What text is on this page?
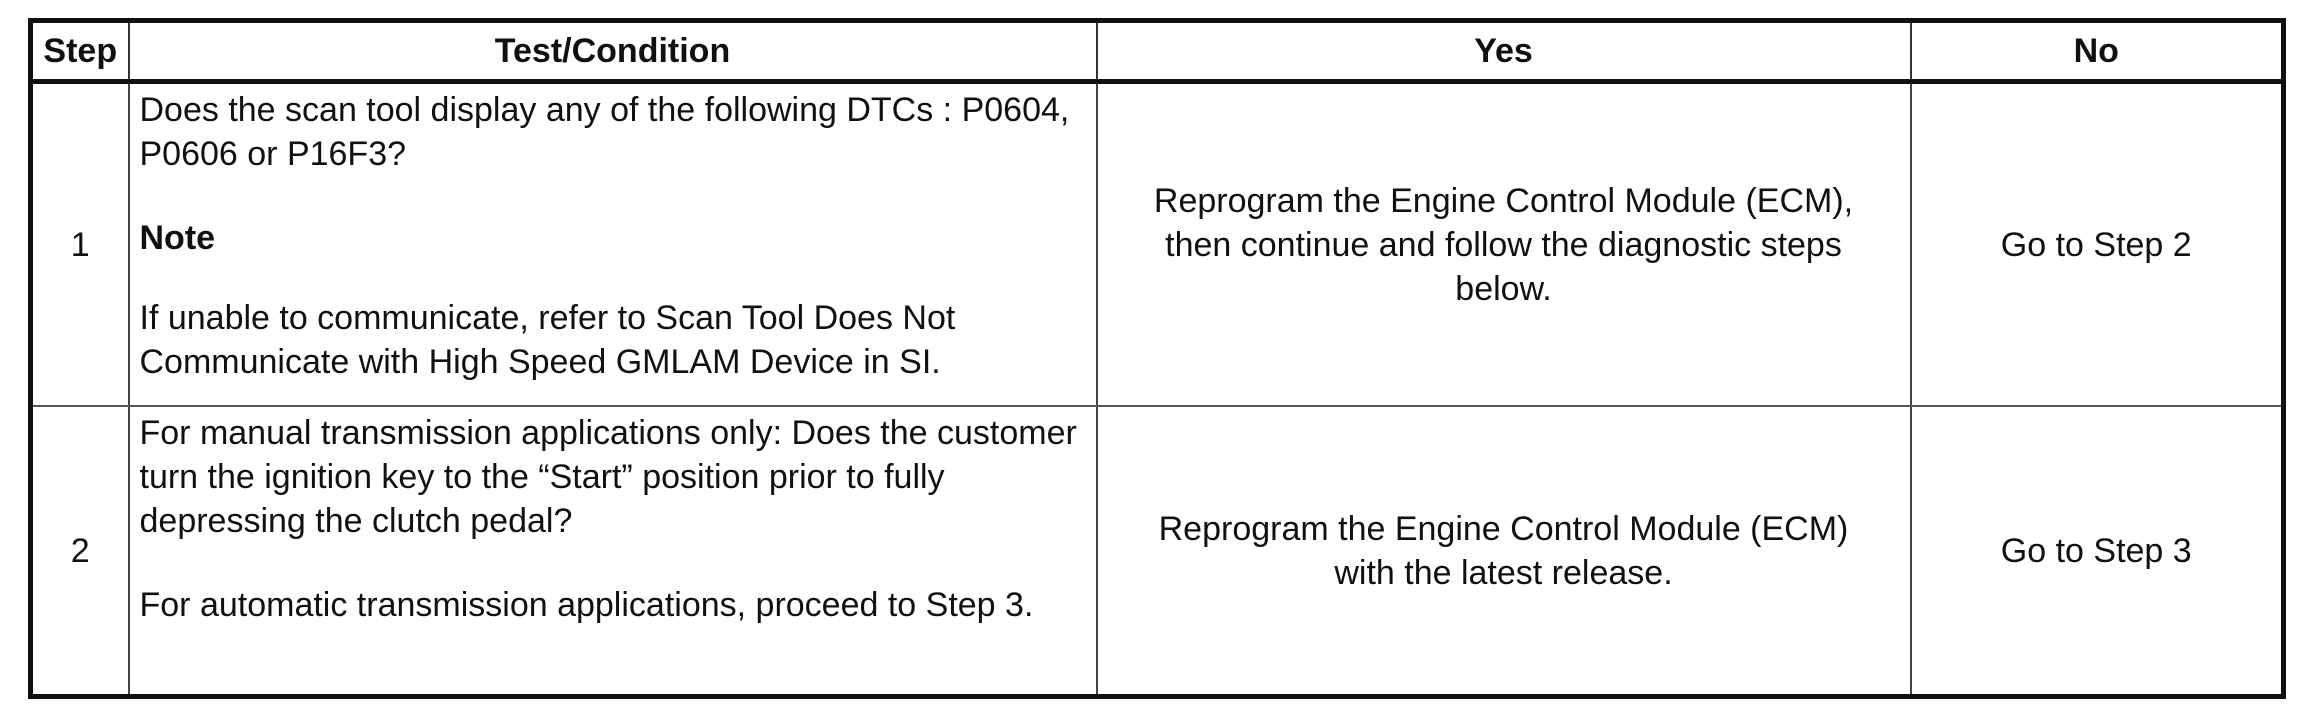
Step	Test/Condition	Yes	No
1	Does the scan tool display any of the following DTCs : P0604, P0606 or P16F3?

Note

If unable to communicate, refer to Scan Tool Does Not Communicate with High Speed GMLAM Device in SI.	Reprogram the Engine Control Module (ECM), then continue and follow the diagnostic steps below.	Go to Step 2
2	For manual transmission applications only: Does the customer turn the ignition key to the “Start” position prior to fully depressing the clutch pedal?

For automatic transmission applications, proceed to Step 3.	Reprogram the Engine Control Module (ECM) with the latest release.	Go to Step 3
